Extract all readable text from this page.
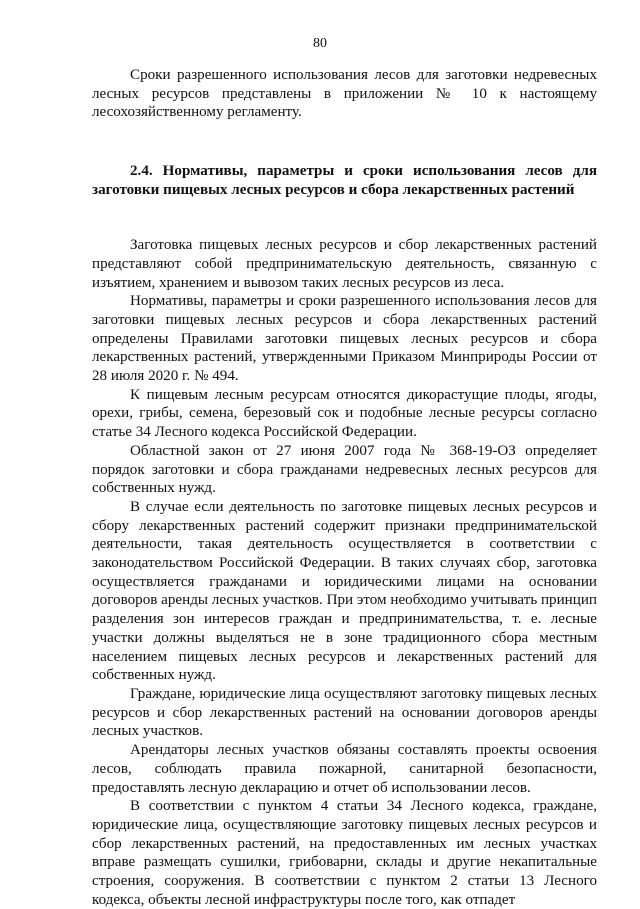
80

Сроки разрешенного использования лесов для заготовки недревесных лесных ресурсов представлены в приложении № 10 к настоящему лесохозяйственному регламенту.

2.4. Нормативы, параметры и сроки использования лесов для заготовки пищевых лесных ресурсов и сбора лекарственных растений

Заготовка пищевых лесных ресурсов и сбор лекарственных растений представляют собой предпринимательскую деятельность, связанную с изъятием, хранением и вывозом таких лесных ресурсов из леса.

Нормативы, параметры и сроки разрешенного использования лесов для заготовки пищевых лесных ресурсов и сбора лекарственных растений определены Правилами заготовки пищевых лесных ресурсов и сбора лекарственных растений, утвержденными Приказом Минприроды России от 28 июля 2020 г. № 494.

К пищевым лесным ресурсам относятся дикорастущие плоды, ягоды, орехи, грибы, семена, березовый сок и подобные лесные ресурсы согласно статье 34 Лесного кодекса Российской Федерации.

Областной закон от 27 июня 2007 года № 368-19-ОЗ определяет порядок заготовки и сбора гражданами недревесных лесных ресурсов для собственных нужд.

В случае если деятельность по заготовке пищевых лесных ресурсов и сбору лекарственных растений содержит признаки предпринимательской деятельности, такая деятельность осуществляется в соответствии с законодательством Российской Федерации. В таких случаях сбор, заготовка осуществляется гражданами и юридическими лицами на основании договоров аренды лесных участков. При этом необходимо учитывать принцип разделения зон интересов граждан и предпринимательства, т. е. лесные участки должны выделяться не в зоне традиционного сбора местным населением пищевых лесных ресурсов и лекарственных растений для собственных нужд.

Граждане, юридические лица осуществляют заготовку пищевых лесных ресурсов и сбор лекарственных растений на основании договоров аренды лесных участков.

Арендаторы лесных участков обязаны составлять проекты освоения лесов, соблюдать правила пожарной, санитарной безопасности, предоставлять лесную декларацию и отчет об использовании лесов.

В соответствии с пунктом 4 статьи 34 Лесного кодекса, граждане, юридические лица, осуществляющие заготовку пищевых лесных ресурсов и сбор лекарственных растений, на предоставленных им лесных участках вправе размещать сушилки, грибоварни, склады и другие некапитальные строения, сооружения. В соответствии с пунктом 2 статьи 13 Лесного кодекса, объекты лесной инфраструктуры после того, как отпадет
